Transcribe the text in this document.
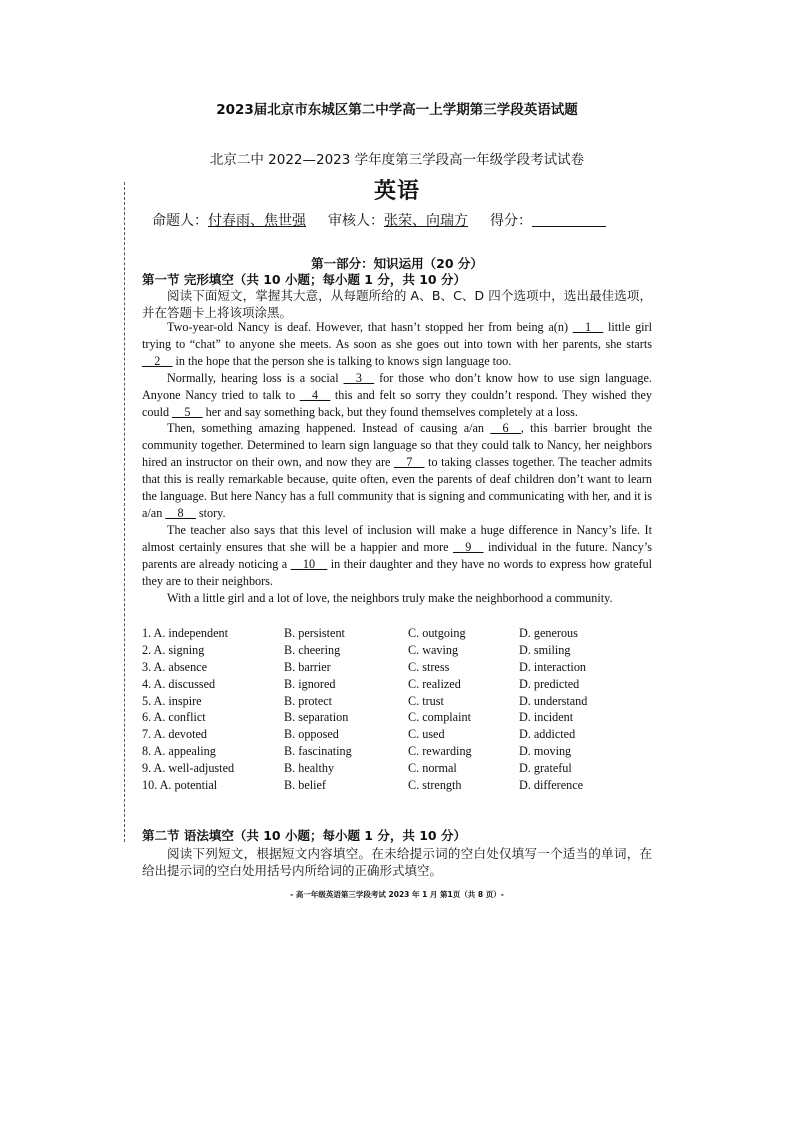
2023届北京市东城区第二中学高一上学期第三学段英语试题
北京二中 2022—2023 学年度第三学段高一年级学段考试试卷
英语
命题人：付春雨、焦世强 审核人：张荣、向瑞方 得分：
第一部分：知识运用（20 分）
第一节 完形填空（共 10 小题；每小题 1 分，共 10 分）
阅读下面短文，掌握其大意，从每题所给的 A、B、C、D 四个选项中，选出最佳选项，并在答题卡上将该项涂黑。

Two-year-old Nancy is deaf. However, that hasn’t stopped her from being a(n) __1__ little girl trying to “chat” to anyone she meets. As soon as she goes out into town with her parents, she starts __2__ in the hope that the person she is talking to knows sign language too.

Normally, hearing loss is a social __3__ for those who don’t know how to use sign language. Anyone Nancy tried to talk to __4__ this and felt so sorry they couldn’t respond. They wished they could __5__ her and say something back, but they found themselves completely at a loss.

Then, something amazing happened. Instead of causing a/an __6__, this barrier brought the community together. Determined to learn sign language so that they could talk to Nancy, her neighbors hired an instructor on their own, and now they are __7__ to taking classes together. The teacher admits that this is really remarkable because, quite often, even the parents of deaf children don’t want to learn the language. But here Nancy has a full community that is signing and communicating with her, and it is a/an __8__ story.

The teacher also says that this level of inclusion will make a huge difference in Nancy’s life. It almost certainly ensures that she will be a happier and more __9__ individual in the future. Nancy’s parents are already noticing a __10__ in their daughter and they have no words to express how grateful they are to their neighbors.

With a little girl and a lot of love, the neighbors truly make the neighborhood a community.

1. A. independent	B. persistent	C. outgoing	D. generous
2. A. signing	B. cheering	C. waving	D. smiling
3. A. absence	B. barrier	C. stress	D. interaction
4. A. discussed	B. ignored	C. realized	D. predicted
5. A. inspire	B. protect	C. trust	D. understand
6. A. conflict	B. separation	C. complaint	D. incident
7. A. devoted	B. opposed	C. used	D. addicted
8. A. appealing	B. fascinating	C. rewarding	D. moving
9. A. well-adjusted	B. healthy	C. normal	D. grateful
10. A. potential	B. belief	C. strength	D. difference
第二节 语法填空（共 10 小题；每小题 1 分，共 10 分）
阅读下列短文，根据短文内容填空。在未给提示词的空白处仅填写一个适当的单词，在给出提示词的空白处用括号内所给词的正确形式填空。
- 高一年级英语第三学段考试 2023 年 1 月 第1页（共 8 页）-
